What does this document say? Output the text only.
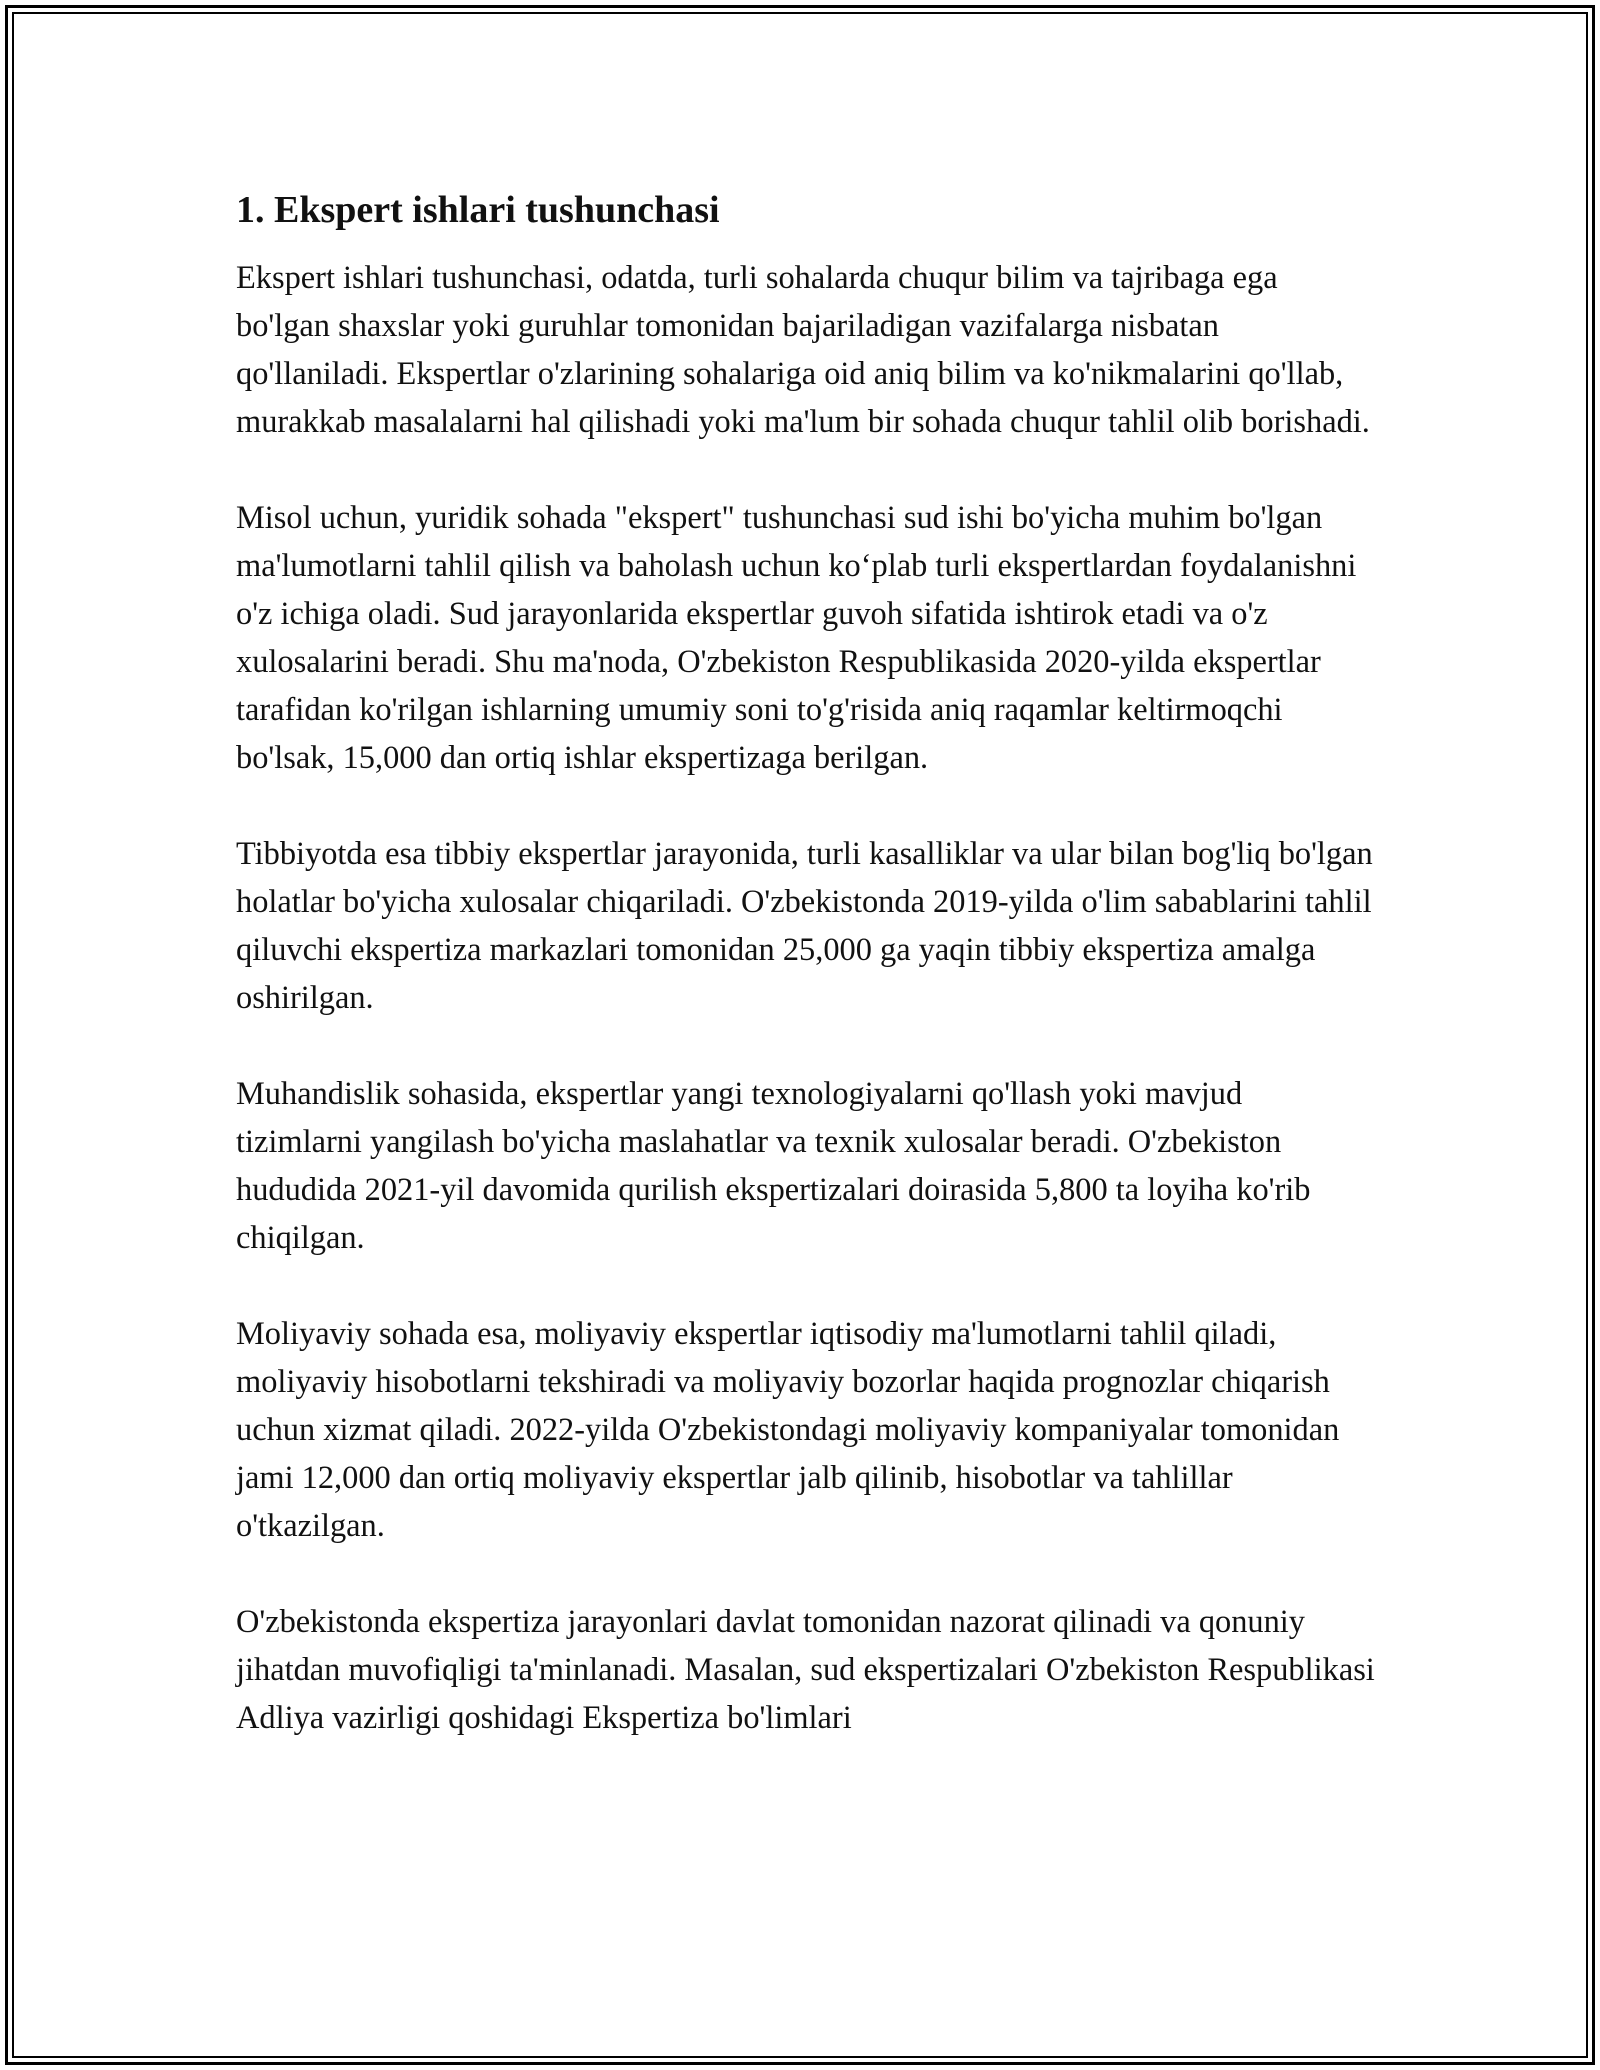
1. Ekspert ishlari tushunchasi

Ekspert ishlari tushunchasi, odatda, turli sohalarda chuqur bilim va tajribaga ega bo'lgan shaxslar yoki guruhlar tomonidan bajariladigan vazifalarga nisbatan qo'llaniladi. Ekspertlar o'zlarining sohalariga oid aniq bilim va ko'nikmalarini qo'llab, murakkab masalalarni hal qilishadi yoki ma'lum bir sohada chuqur tahlil olib borishadi.

Misol uchun, yuridik sohada "ekspert" tushunchasi sud ishi bo'yicha muhim bo'lgan ma'lumotlarni tahlil qilish va baholash uchun ko‘plab turli ekspertlardan foydalanishni o'z ichiga oladi. Sud jarayonlarida ekspertlar guvoh sifatida ishtirok etadi va o'z xulosalarini beradi. Shu ma'noda, O'zbekiston Respublikasida 2020-yilda ekspertlar tarafidan ko'rilgan ishlarning umumiy soni to'g'risida aniq raqamlar keltirmoqchi bo'lsak, 15,000 dan ortiq ishlar ekspertizaga berilgan.

Tibbiyotda esa tibbiy ekspertlar jarayonida, turli kasalliklar va ular bilan bog'liq bo'lgan holatlar bo'yicha xulosalar chiqariladi. O'zbekistonda 2019-yilda o'lim sabablarini tahlil qiluvchi ekspertiza markazlari tomonidan 25,000 ga yaqin tibbiy ekspertiza amalga oshirilgan.

Muhandislik sohasida, ekspertlar yangi texnologiyalarni qo'llash yoki mavjud tizimlarni yangilash bo'yicha maslahatlar va texnik xulosalar beradi. O'zbekiston hududida 2021-yil davomida qurilish ekspertizalari doirasida 5,800 ta loyiha ko'rib chiqilgan.

Moliyaviy sohada esa, moliyaviy ekspertlar iqtisodiy ma'lumotlarni tahlil qiladi, moliyaviy hisobotlarni tekshiradi va moliyaviy bozorlar haqida prognozlar chiqarish uchun xizmat qiladi. 2022-yilda O'zbekistondagi moliyaviy kompaniyalar tomonidan jami 12,000 dan ortiq moliyaviy ekspertlar jalb qilinib, hisobotlar va tahlillar o'tkazilgan.

O'zbekistonda ekspertiza jarayonlari davlat tomonidan nazorat qilinadi va qonuniy jihatdan muvofiqligi ta'minlanadi. Masalan, sud ekspertizalari O'zbekiston Respublikasi Adliya vazirligi qoshidagi Ekspertiza bo'limlari
